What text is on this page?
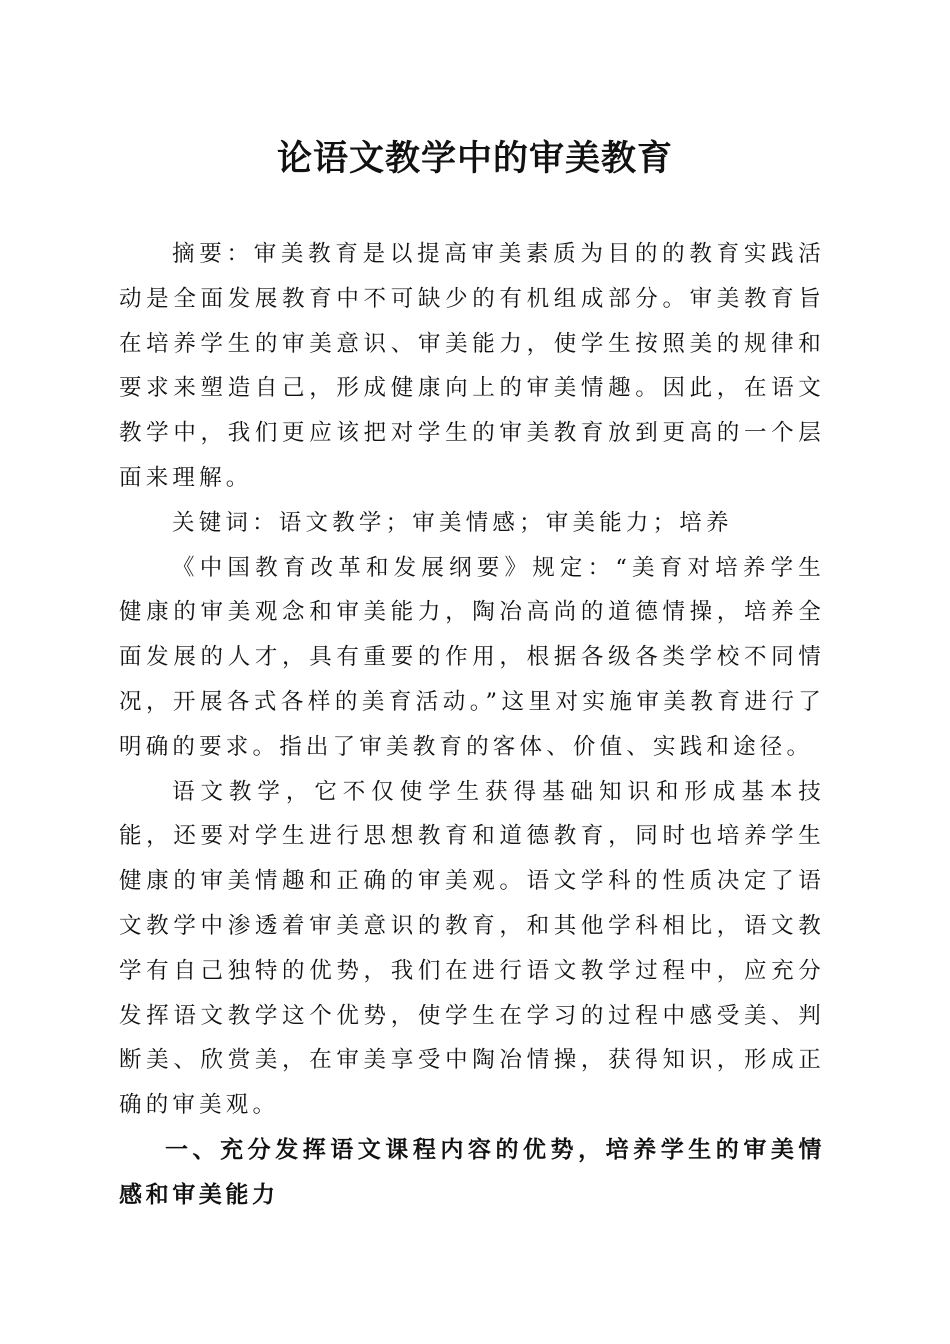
论语文教学中的审美教育

摘要：审美教育是以提高审美素质为目的的教育实践活动是全面发展教育中不可缺少的有机组成部分。审美教育旨在培养学生的审美意识、审美能力，使学生按照美的规律和要求来塑造自己，形成健康向上的审美情趣。因此，在语文教学中，我们更应该把对学生的审美教育放到更高的一个层面来理解。

关键词：语文教学；审美情感；审美能力；培养

《中国教育改革和发展纲要》规定：“美育对培养学生健康的审美观念和审美能力，陶冶高尚的道德情操，培养全面发展的人才，具有重要的作用，根据各级各类学校不同情况，开展各式各样的美育活动。”这里对实施审美教育进行了明确的要求。指出了审美教育的客体、价值、实践和途径。

语文教学，它不仅使学生获得基础知识和形成基本技能，还要对学生进行思想教育和道德教育，同时也培养学生健康的审美情趣和正确的审美观。语文学科的性质决定了语文教学中渗透着审美意识的教育，和其他学科相比，语文教学有自己独特的优势，我们在进行语文教学过程中，应充分发挥语文教学这个优势，使学生在学习的过程中感受美、判断美、欣赏美，在审美享受中陶冶情操，获得知识，形成正确的审美观。

一、充分发挥语文课程内容的优势，培养学生的审美情感和审美能力
